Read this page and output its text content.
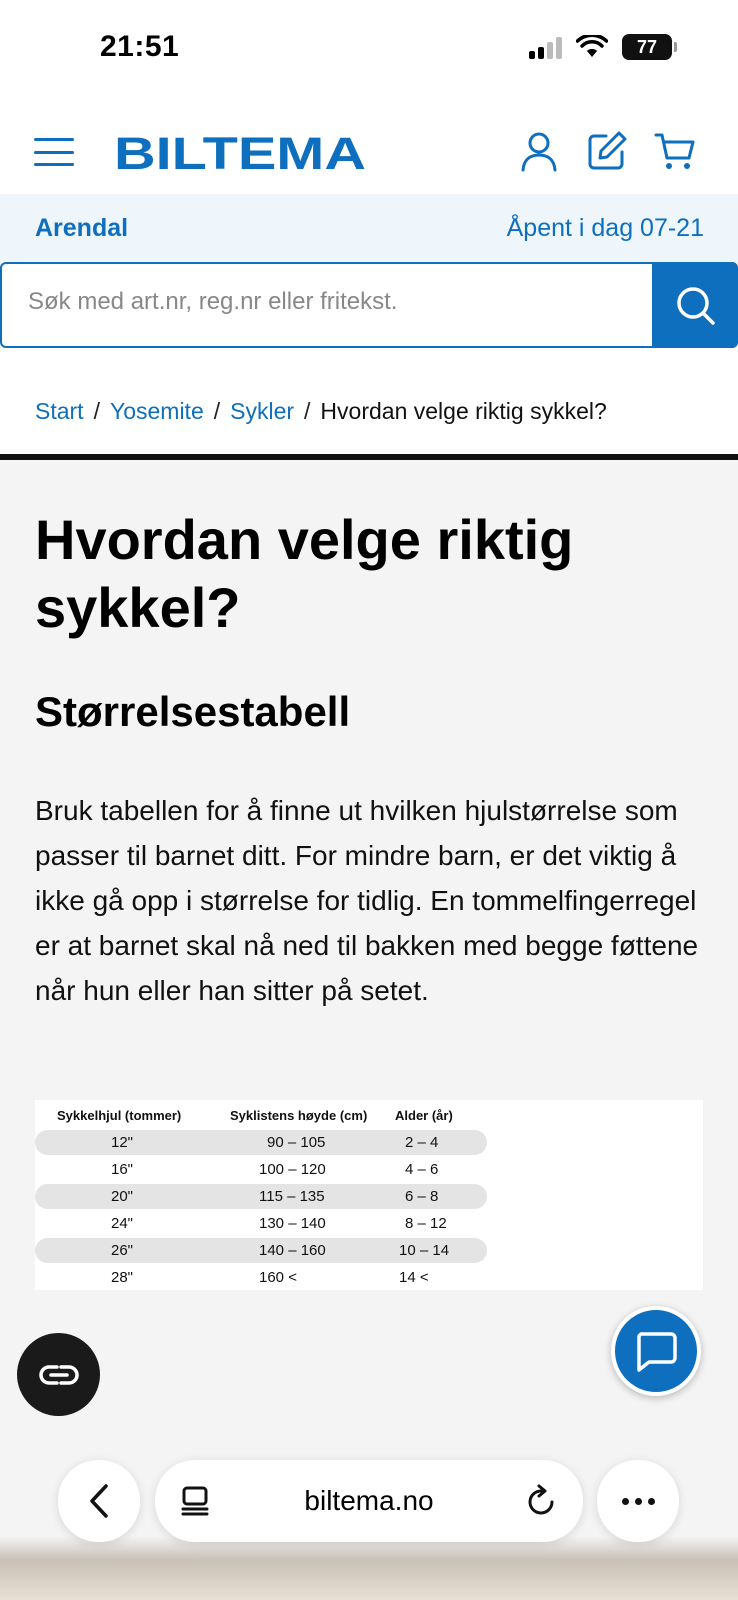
21:51	77
BILTEMA
Arendal	Åpent i dag 07-21
Søk med art.nr, reg.nr eller fritekst.
Start / Yosemite / Sykler / Hvordan velge riktig sykkel?
Hvordan velge riktig sykkel?
Størrelsestabell

Bruk tabellen for å finne ut hvilken hjulstørrelse som passer til barnet ditt. For mindre barn, er det viktig å ikke gå opp i størrelse for tidlig. En tommelfingerregel er at barnet skal nå ned til bakken med begge føttene når hun eller han sitter på setet.

Sykkelhjul (tommer)	Syklistens høyde (cm) Alder (år)
12"	90 – 105	2 – 4
16"	100 – 120	4 – 6
20"	115 – 135	6 – 8
24"	130 – 140	8 – 12
26"	140 – 160	10 – 14
28"	160 <	14 <
biltema.no
